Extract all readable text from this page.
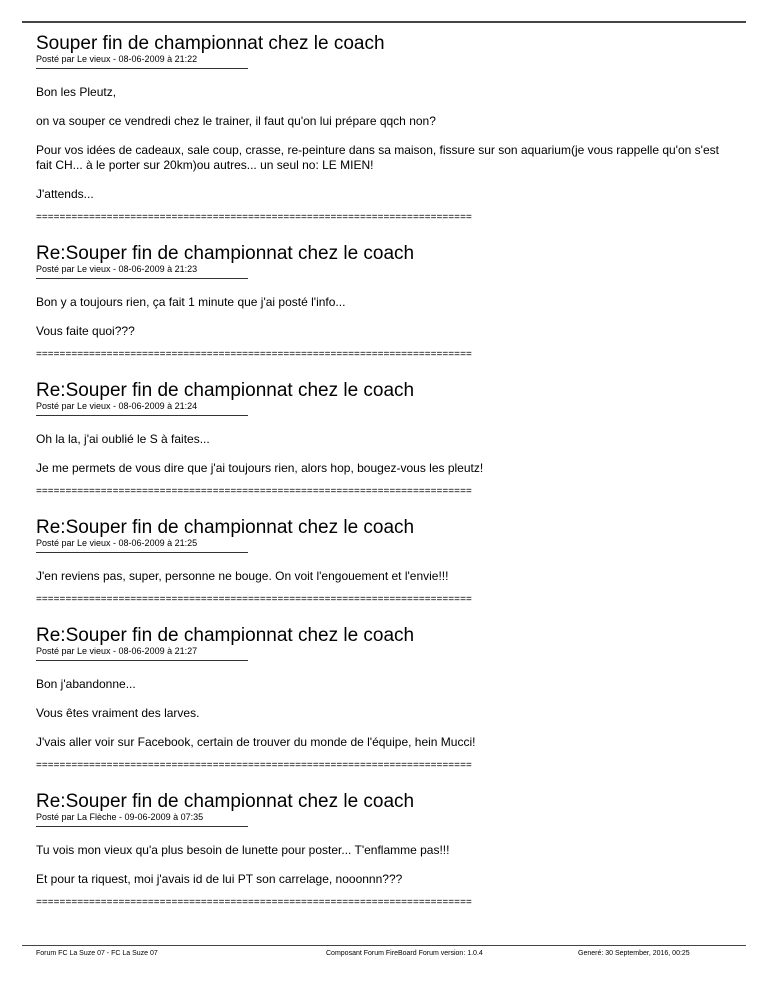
Souper fin de championnat chez le coach
Posté par Le vieux - 08-06-2009 à 21:22

Bon les Pleutz,

on va souper ce vendredi chez le trainer, il faut qu'on lui prépare qqch non?

Pour vos idées de cadeaux, sale coup, crasse, re-peinture dans sa maison, fissure sur son aquarium(je vous rappelle qu'on s'est fait CH... à le porter sur 20km)ou autres... un seul no: LE MIEN!

J'attends...

==========================================================================
Re:Souper fin de championnat chez le coach
Posté par Le vieux - 08-06-2009 à 21:23

Bon y a toujours rien, ça fait 1 minute que j'ai posté l'info...

Vous faite quoi???

==========================================================================
Re:Souper fin de championnat chez le coach
Posté par Le vieux - 08-06-2009 à 21:24

Oh la la, j'ai oublié le S à faites...

Je me permets de vous dire que j'ai toujours rien, alors hop, bougez-vous les pleutz!

==========================================================================
Re:Souper fin de championnat chez le coach
Posté par Le vieux - 08-06-2009 à 21:25

J'en reviens pas, super, personne ne bouge. On voit l'engouement et l'envie!!!

==========================================================================
Re:Souper fin de championnat chez le coach
Posté par Le vieux - 08-06-2009 à 21:27

Bon j'abandonne...

Vous êtes vraiment des larves.

J'vais aller voir sur Facebook, certain de trouver du monde de l'équipe, hein Mucci!

==========================================================================
Re:Souper fin de championnat chez le coach
Posté par La Flèche - 09-06-2009 à 07:35

Tu vois mon vieux qu'a plus besoin de lunette pour poster... T'enflamme pas!!!

Et pour ta riquest, moi j'avais id de lui PT son carrelage, nooonnn???

==========================================================================
Forum FC La Suze 07 - FC La Suze 07	Composant Forum FireBoard Forum version: 1.0.4	Generé: 30 September, 2016, 00:25
